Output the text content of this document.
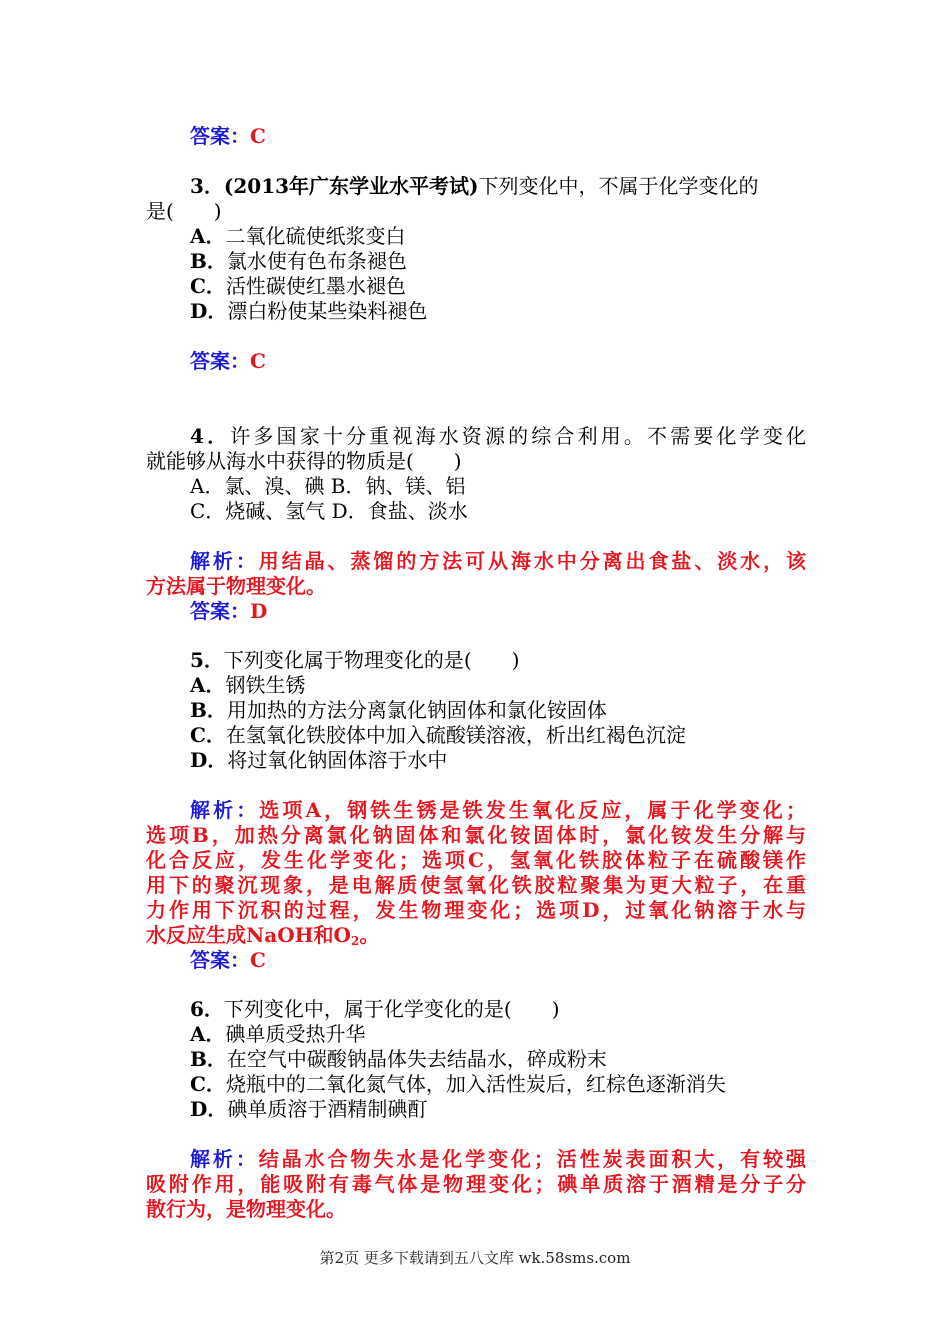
答案：C
3．(2013年广东学业水平考试)下列变化中，不属于化学变化的
是(　　)
A．二氧化硫使纸浆变白
B．氯水使有色布条褪色
C．活性碳使红墨水褪色
D．漂白粉使某些染料褪色
答案：C
4．许多国家十分重视海水资源的综合利用。不需要化学变化
就能够从海水中获得的物质是(　　)
A．氯、溴、碘 B．钠、镁、铝
C．烧碱、氢气 D．食盐、淡水
解析：用结晶、蒸馏的方法可从海水中分离出食盐、淡水，该
方法属于物理变化。
答案：D
5．下列变化属于物理变化的是(　　)
A．钢铁生锈
B．用加热的方法分离氯化钠固体和氯化铵固体
C．在氢氧化铁胶体中加入硫酸镁溶液，析出红褐色沉淀
D．将过氧化钠固体溶于水中
解析：选项A，钢铁生锈是铁发生氧化反应，属于化学变化；
选项B，加热分离氯化钠固体和氯化铵固体时，氯化铵发生分解与
化合反应，发生化学变化；选项C，氢氧化铁胶体粒子在硫酸镁作
用下的聚沉现象，是电解质使氢氧化铁胶粒聚集为更大粒子，在重
力作用下沉积的过程，发生物理变化；选项D，过氧化钠溶于水与
水反应生成NaOH和$O_2$。
答案：C
6．下列变化中，属于化学变化的是(　　)
A．碘单质受热升华
B．在空气中碳酸钠晶体失去结晶水，碎成粉末
C．烧瓶中的二氧化氮气体，加入活性炭后，红棕色逐渐消失
D．碘单质溶于酒精制碘酊
解析：结晶水合物失水是化学变化；活性炭表面积大，有较强
吸附作用，能吸附有毒气体是物理变化；碘单质溶于酒精是分子分
散行为，是物理变化。
第2页 更多下载请到五八文库 wk.58sms.com
